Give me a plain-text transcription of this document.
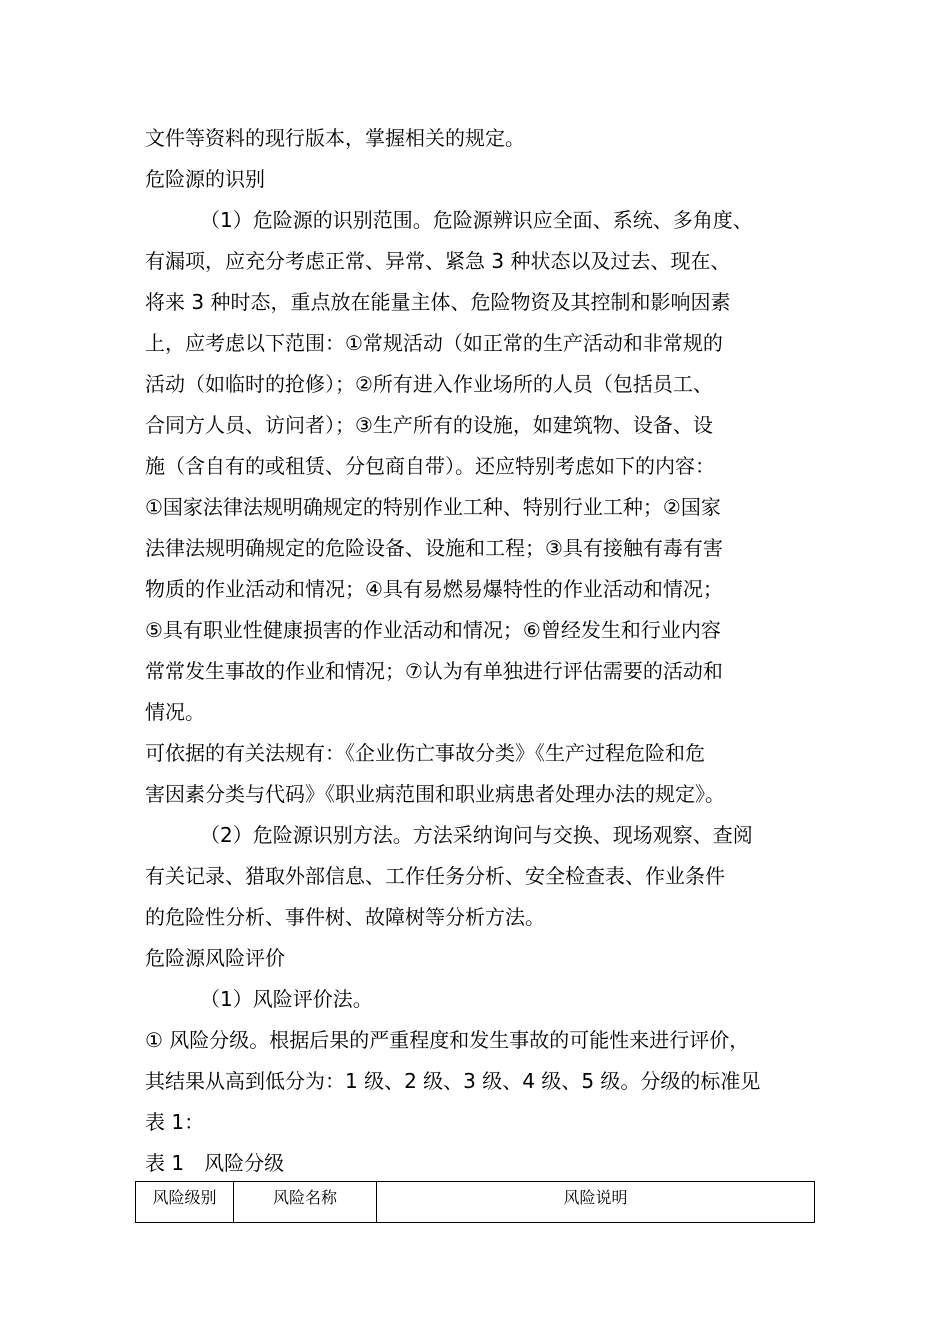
文件等资料的现行版本，掌握相关的规定。
危险源的识别
（1）危险源的识别范围。危险源辨识应全面、系统、多角度、
有漏项，应充分考虑正常、异常、紧急 3 种状态以及过去、现在、
将来 3 种时态，重点放在能量主体、危险物资及其控制和影响因素
上，应考虑以下范围：①常规活动（如正常的生产活动和非常规的
活动（如临时的抢修）；②所有进入作业场所的人员（包括员工、
合同方人员、访问者）；③生产所有的设施，如建筑物、设备、设
施（含自有的或租赁、分包商自带）。还应特别考虑如下的内容：
①国家法律法规明确规定的特别作业工种、特别行业工种；②国家
法律法规明确规定的危险设备、设施和工程；③具有接触有毒有害
物质的作业活动和情况；④具有易燃易爆特性的作业活动和情况；
⑤具有职业性健康损害的作业活动和情况；⑥曾经发生和行业内容
常常发生事故的作业和情况；⑦认为有单独进行评估需要的活动和
情况。
可依据的有关法规有：《企业伤亡事故分类》《生产过程危险和危
害因素分类与代码》《职业病范围和职业病患者处理办法的规定》。
（2）危险源识别方法。方法采纳询问与交换、现场观察、查阅
有关记录、猎取外部信息、工作任务分析、安全检查表、作业条件
的危险性分析、事件树、故障树等分析方法。
危险源风险评价
（1）风险评价法。
① 风险分级。根据后果的严重程度和发生事故的可能性来进行评价，
其结果从高到低分为：1 级、2 级、3 级、4 级、5 级。分级的标准见
表 1：
表 1　风险分级
风险级别	风险名称	风险说明
